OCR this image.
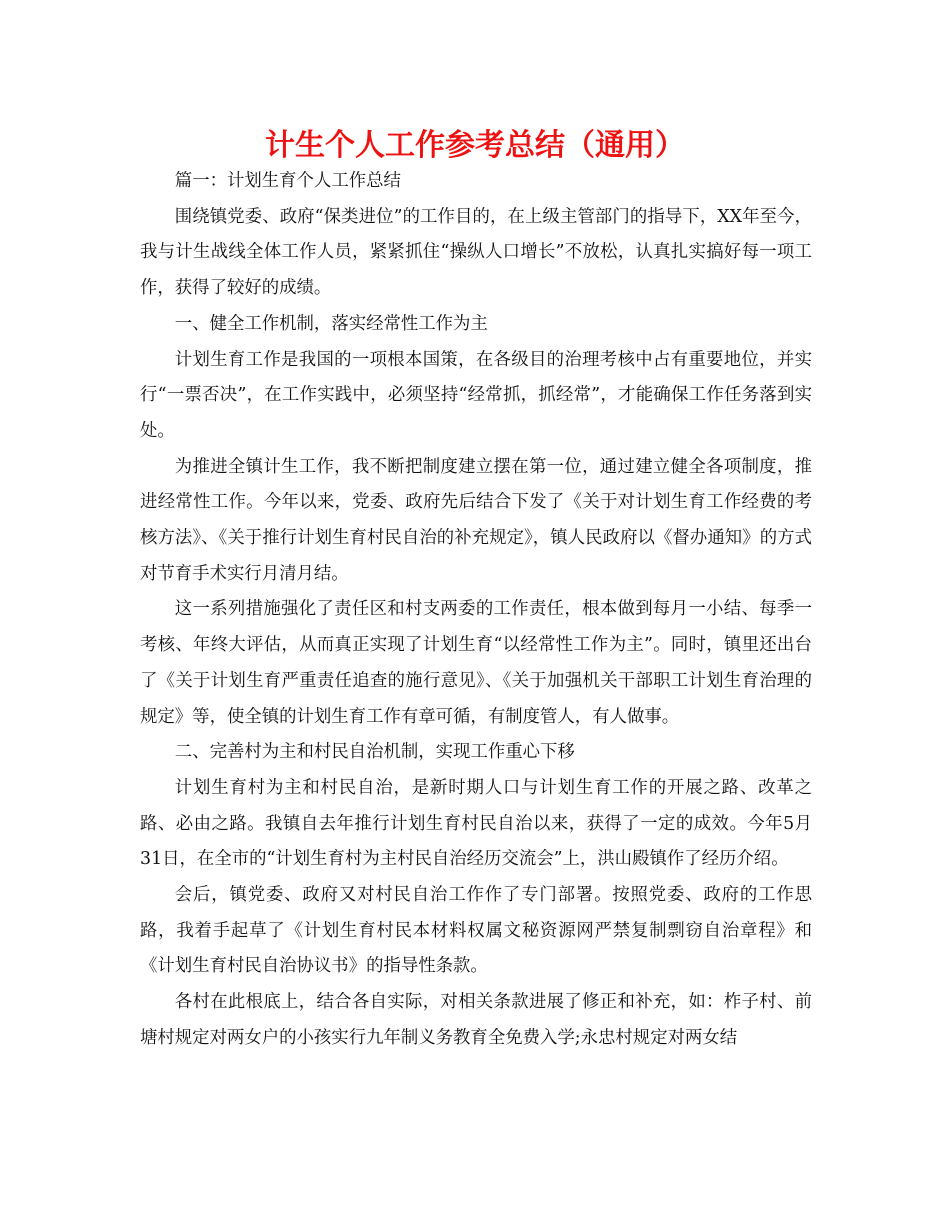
计生个人工作参考总结（通用）

篇一：计划生育个人工作总结

围绕镇党委、政府“保类进位”的工作目的，在上级主管部门的指导下，XX年至今，我与计生战线全体工作人员，紧紧抓住“操纵人口增长”不放松，认真扎实搞好每一项工作，获得了较好的成绩。

一、健全工作机制，落实经常性工作为主

计划生育工作是我国的一项根本国策，在各级目的治理考核中占有重要地位，并实行“一票否决”，在工作实践中，必须坚持“经常抓，抓经常”，才能确保工作任务落到实处。

为推进全镇计生工作，我不断把制度建立摆在第一位，通过建立健全各项制度，推进经常性工作。今年以来，党委、政府先后结合下发了《关于对计划生育工作经费的考核方法》、《关于推行计划生育村民自治的补充规定》，镇人民政府以《督办通知》的方式对节育手术实行月清月结。

这一系列措施强化了责任区和村支两委的工作责任，根本做到每月一小结、每季一考核、年终大评估，从而真正实现了计划生育“以经常性工作为主”。同时，镇里还出台了《关于计划生育严重责任追查的施行意见》、《关于加强机关干部职工计划生育治理的规定》等，使全镇的计划生育工作有章可循，有制度管人，有人做事。

二、完善村为主和村民自治机制，实现工作重心下移

计划生育村为主和村民自治，是新时期人口与计划生育工作的开展之路、改革之路、必由之路。我镇自去年推行计划生育村民自治以来，获得了一定的成效。今年5月31日，在全市的“计划生育村为主村民自治经历交流会”上，洪山殿镇作了经历介绍。

会后，镇党委、政府又对村民自治工作作了专门部署。按照党委、政府的工作思路，我着手起草了《计划生育村民本材料权属文秘资源网严禁复制剽窃自治章程》和《计划生育村民自治协议书》的指导性条款。

各村在此根底上，结合各自实际，对相关条款进展了修正和补充，如：柞子村、前塘村规定对两女户的小孩实行九年制义务教育全免费入学;永忠村规定对两女结
